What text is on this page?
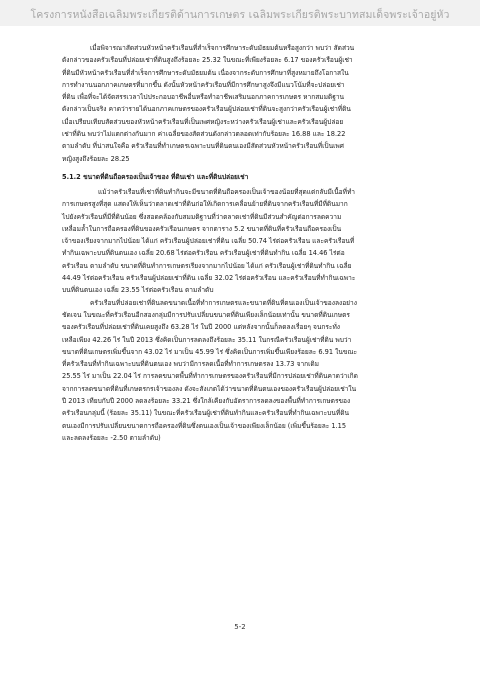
โครงการหนังสือเฉลิมพระเกียรติด้านการเกษตร เฉลิมพระเกียรติพระบาทสมเด็จพระเจ้าอยู่หัว

เมื่อพิจารณาสัดส่วนหัวหน้าครัวเรือนที่สำเร็จการศึกษาระดับมัธยมต้นหรือสูงกว่า พบว่า สัดส่วน
ดังกล่าวของครัวเรือนที่ปล่อยเช่าที่ดินสูงถึงร้อยละ 25.32 ในขณะที่เพียงร้อยละ 6.17 ของครัวเรือนผู้เช่า
ที่ดินมีหัวหน้าครัวเรือนที่สำเร็จการศึกษาระดับมัธยมต้น เนื่องจากระดับการศึกษาที่สูงหมายถึงโอกาสใน
การทำงานนอกภาคเกษตรที่มากขึ้น ดังนั้นหัวหน้าครัวเรือนที่มีการศึกษาสูงจึงมีแนวโน้มที่จะปล่อยเช่า
ที่ดิน เพื่อที่จะได้จัดสรรเวลาไปประกอบอาชีพอื่นหรือทำอาชีพเสริมนอกภาคการเกษตร หากสมมติฐาน
ดังกล่าวเป็นจริง คาดว่ารายได้นอกภาคเกษตรของครัวเรือนผู้ปล่อยเช่าที่ดินจะสูงกว่าครัวเรือนผู้เช่าที่ดิน
เมื่อเปรียบเทียบสัดส่วนของหัวหน้าครัวเรือนที่เป็นเพศหญิงระหว่างครัวเรือนผู้เช่าและครัวเรือนผู้ปล่อย
เช่าที่ดิน พบว่าไม่แตกต่างกันมาก ค่าเฉลี่ยของสัดส่วนดังกล่าวตลอดเท่ากับร้อยละ 16.88 และ 18.22
ตามลำดับ ที่น่าสนใจคือ ครัวเรือนที่ทำเกษตรเฉพาะบนที่ดินตนเองมีสัดส่วนหัวหน้าครัวเรือนที่เป็นเพศ
หญิงสูงถึงร้อยละ 28.25

5.1.2 ขนาดที่ดินถือครองเป็นเจ้าของ ที่ดินเช่า และที่ดินปล่อยเช่า

แม้ว่าครัวเรือนที่เช่าที่ดินทำกินจะมีขนาดที่ดินถือครองเป็นเจ้าของน้อยที่สุดแต่กลับมีเนื้อที่ทำ
การเกษตรสูงที่สุด แสดงให้เห็นว่าตลาดเช่าที่ดินก่อให้เกิดการเคลื่อนย้ายที่ดินจากครัวเรือนที่มีที่ดินมาก
ไปยังครัวเรือนที่มีที่ดินน้อย ซึ่งสอดคล้องกับสมมติฐานที่ว่าตลาดเช่าที่ดินมีส่วนสำคัญต่อการลดความ
เหลื่อมล้ำในการถือครองที่ดินของครัวเรือนเกษตร จากตาราง 5.2 ขนาดที่ดินที่ครัวเรือนถือครองเป็น
เจ้าของเรียงจากมากไปน้อย ได้แก่ ครัวเรือนผู้ปล่อยเช่าที่ดิน เฉลี่ย 50.74 ไร่ต่อครัวเรือน และครัวเรือนที่
ทำกินเฉพาะบนที่ดินตนเอง เฉลี่ย 20.68 ไร่ต่อครัวเรือน ครัวเรือนผู้เช่าที่ดินทำกิน เฉลี่ย 14.46 ไร่ต่อ
ครัวเรือน ตามลำดับ ขนาดที่ดินทำการเกษตรเรียงจากมากไปน้อย ได้แก่ ครัวเรือนผู้เช่าที่ดินทำกิน เฉลี่ย
44.49 ไร่ต่อครัวเรือน ครัวเรือนผู้ปล่อยเช่าที่ดิน เฉลี่ย 32.02 ไร่ต่อครัวเรือน และครัวเรือนที่ทำกินเฉพาะ
บนที่ดินตนเอง เฉลี่ย 23.55 ไร่ต่อครัวเรือน ตามลำดับ

ครัวเรือนที่ปล่อยเช่าที่ดินลดขนาดเนื้อที่ทำการเกษตรและขนาดที่ดินที่ตนเองเป็นเจ้าของลงอย่าง
ชัดเจน ในขณะที่ครัวเรือนอีกสองกลุ่มมีการปรับเปลี่ยนขนาดที่ดินเพียงเล็กน้อยเท่านั้น ขนาดที่ดินเกษตร
ของครัวเรือนที่ปล่อยเช่าที่ดินเคยสูงถึง 63.28 ไร่ ในปี 2000 แต่หลังจากนั้นก็ลดลงเรื่อยๆ จนกระทั่ง
เหลือเพียง 42.26 ไร่ ในปี 2013 ซึ่งคิดเป็นการลดลงถึงร้อยละ 35.11 ในกรณีครัวเรือนผู้เช่าที่ดิน พบว่า
ขนาดที่ดินเกษตรเพิ่มขึ้นจาก 43.02 ไร่ มาเป็น 45.99 ไร่ ซึ่งคิดเป็นการเพิ่มขึ้นเพียงร้อยละ 6.91 ในขณะ
ที่ครัวเรือนที่ทำกินเฉพาะบนที่ดินตนเอง พบว่ามีการลดเนื้อที่ทำการเกษตรลง 13.73 จากเดิม
25.55 ไร่ มาเป็น 22.04 ไร่ การลดขนาดพื้นที่ทำการเกษตรของครัวเรือนที่มีการปล่อยเช่าที่ดินคาดว่าเกิด
จากการลดขนาดที่ดินที่เกษตรกรเจ้าของลง ดังจะสังเกตได้ว่าขนาดที่ดินตนเองของครัวเรือนผู้ปล่อยเช่าใน
ปี 2013 เทียบกับปี 2000 ลดลงร้อยละ 33.21 ซึ่งใกล้เคียงกับอัตราการลดลงของพื้นที่ทำการเกษตรของ
ครัวเรือนกลุ่มนี้ (ร้อยละ 35.11) ในขณะที่ครัวเรือนผู้เช่าที่ดินทำกินและครัวเรือนที่ทำกินเฉพาะบนที่ดิน
ตนเองมีการปรับเปลี่ยนขนาดการถือครองที่ดินซึ่งตนเองเป็นเจ้าของเพียงเล็กน้อย (เพิ่มขึ้นร้อยละ 1.15
และลดลงร้อยละ -2.50 ตามลำดับ)

5-2
